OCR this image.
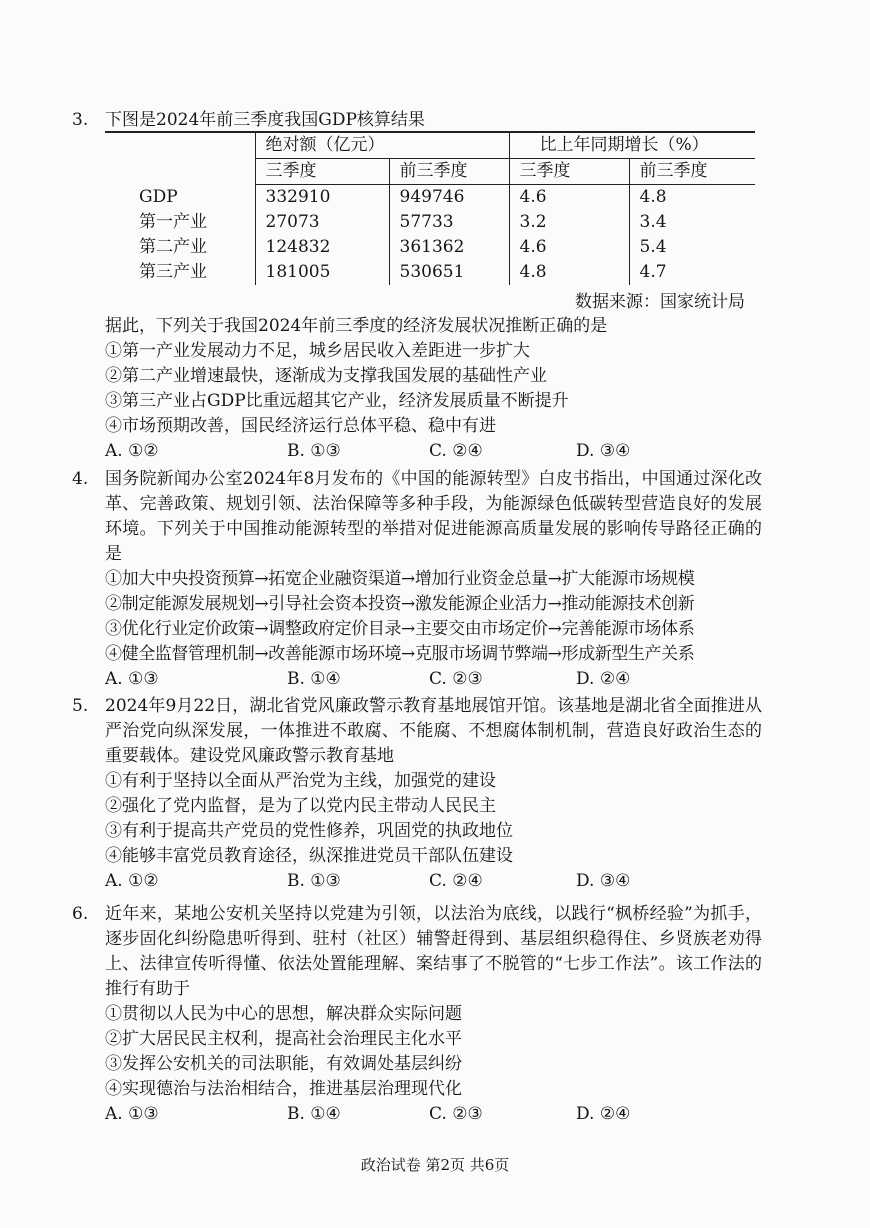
3. 下图是2024年前三季度我国GDP核算结果
	绝对额（亿元）		比上年同期增长（%）	
	三季度	前三季度	三季度	前三季度
GDP	332910	949746	4.6	4.8
第一产业	27073	57733	3.2	3.4
第二产业	124832	361362	4.6	5.4
第三产业	181005	530651	4.8	4.7
数据来源：国家统计局
据此，下列关于我国2024年前三季度的经济发展状况推断正确的是
①第一产业发展动力不足，城乡居民收入差距进一步扩大
②第二产业增速最快，逐渐成为支撑我国发展的基础性产业
③第三产业占GDP比重远超其它产业，经济发展质量不断提升
④市场预期改善，国民经济运行总体平稳、稳中有进
A. ①②	B. ①③	C. ②④	D. ③④
4. 国务院新闻办公室2024年8月发布的《中国的能源转型》白皮书指出，中国通过深化改革、完善政策、规划引领、法治保障等多种手段，为能源绿色低碳转型营造良好的发展环境。下列关于中国推动能源转型的举措对促进能源高质量发展的影响传导路径正确的是
①加大中央投资预算→拓宽企业融资渠道→增加行业资金总量→扩大能源市场规模
②制定能源发展规划→引导社会资本投资→激发能源企业活力→推动能源技术创新
③优化行业定价政策→调整政府定价目录→主要交由市场定价→完善能源市场体系
④健全监督管理机制→改善能源市场环境→克服市场调节弊端→形成新型生产关系
A. ①③	B. ①④	C. ②③	D. ②④
5. 2024年9月22日，湖北省党风廉政警示教育基地展馆开馆。该基地是湖北省全面推进从严治党向纵深发展，一体推进不敢腐、不能腐、不想腐体制机制，营造良好政治生态的重要载体。建设党风廉政警示教育基地
①有利于坚持以全面从严治党为主线，加强党的建设
②强化了党内监督，是为了以党内民主带动人民民主
③有利于提高共产党员的党性修养，巩固党的执政地位
④能够丰富党员教育途径，纵深推进党员干部队伍建设
A. ①②	B. ①③	C. ②④	D. ③④
6. 近年来，某地公安机关坚持以党建为引领，以法治为底线，以践行“枫桥经验”为抓手，逐步固化纠纷隐患听得到、驻村（社区）辅警赶得到、基层组织稳得住、乡贤族老劝得上、法律宣传听得懂、依法处置能理解、案结事了不脱管的“七步工作法”。该工作法的推行有助于
①贯彻以人民为中心的思想，解决群众实际问题
②扩大居民民主权利，提高社会治理民主化水平
③发挥公安机关的司法职能，有效调处基层纠纷
④实现德治与法治相结合，推进基层治理现代化
A. ①③	B. ①④	C. ②③	D. ②④
政治试卷 第2页 共6页
